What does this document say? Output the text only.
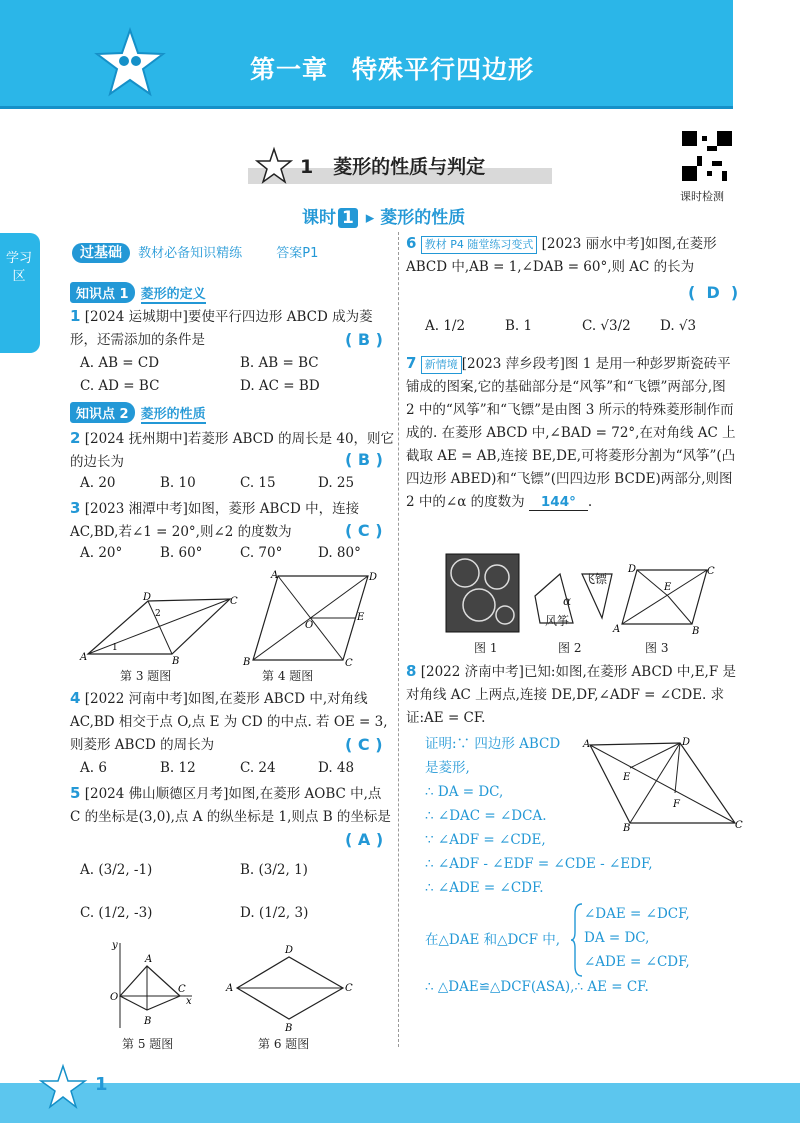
第一章 特殊平行四边形
学习区
1 菱形的性质与判定
课时检测
课时 1 ▸ 菱形的性质
过基础 教材必备知识精练	答案P1
知识点 1 菱形的定义
1 [2024 运城期中]要使平行四边形 ABCD 成为菱形，还需添加的条件是	( B )
A. AB = CD	B. AB = BC
C. AD = BC	D. AC = BD
知识点 2 菱形的性质
2 [2024 抚州期中]若菱形 ABCD 的周长是 40，则它的边长为	( B )
A. 20	B. 10	C. 15	D. 25
3 [2023 湘潭中考]如图，菱形 ABCD 中，连接 AC,BD,若∠1 = 20°,则∠2 的度数为	( C )
A. 20°	B. 60°	C. 70°	D. 80°
A	B
D	C
2
1
第 3 题图
A	D
B	C
O
E
第 4 题图
4 [2022 河南中考]如图,在菱形 ABCD 中,对角线 AC,BD 相交于点 O,点 E 为 CD 的中点. 若 OE = 3,则菱形 ABCD 的周长为	( C )
A. 6	B. 12	C. 24	D. 48
5 [2024 佛山顺德区月考]如图,在菱形 AOBC 中,点 C 的坐标是(3,0),点 A 的纵坐标是 1,则点 B 的坐标是
( A )
A. (3/2, -1)	B. (3/2, 1)
C. (1/2, -3)	D. (1/2, 3)
y
x
O
A
C
B
第 5 题图
D
A	C
B
第 6 题图
6 教材 P4 随堂练习变式 [2023 丽水中考]如图,在菱形 ABCD 中,AB = 1,∠DAB = 60°,则 AC 的长为
(  D  )
A. 1/2	B. 1	C. √3/2 D. √3
7 新情境 [2023 萍乡段考]图 1 是用一种彭罗斯瓷砖平铺成的图案,它的基础部分是“风筝”和“飞镖”两部分,图 2 中的“风筝”和“飞镖”是由图 3 所示的特殊菱形制作而成的. 在菱形 ABCD 中,∠BAD = 72°,在对角线 AC 上截取 AE = AB,连接 BE,DE,可将菱形分割为“风筝”(凸四边形 ABED)和“飞镖”(凹四边形 BCDE)两部分,则图 2 中的∠α 的度数为 144° .
飞镖
α
风筝
D	C
A	B
E
图 1	图 2	图 3
8 [2022 济南中考]已知:如图,在菱形 ABCD 中,E,F 是对角线 AC 上两点,连接 DE,DF,∠ADF = ∠CDE. 求证:AE = CF.
证明:∵ 四边形 ABCD
是菱形,
∴ DA = DC,
∴ ∠DAC = ∠DCA.
∵ ∠ADF = ∠CDE,
∴ ∠ADF - ∠EDF = ∠CDE - ∠EDF,
∴ ∠ADE = ∠CDF.
A	D
B	C
E
F
在△DAE 和△DCF 中,
∠DAE = ∠DCF,
DA = DC,
∠ADE = ∠CDF,
∴ △DAE≌△DCF(ASA),∴ AE = CF.
1
